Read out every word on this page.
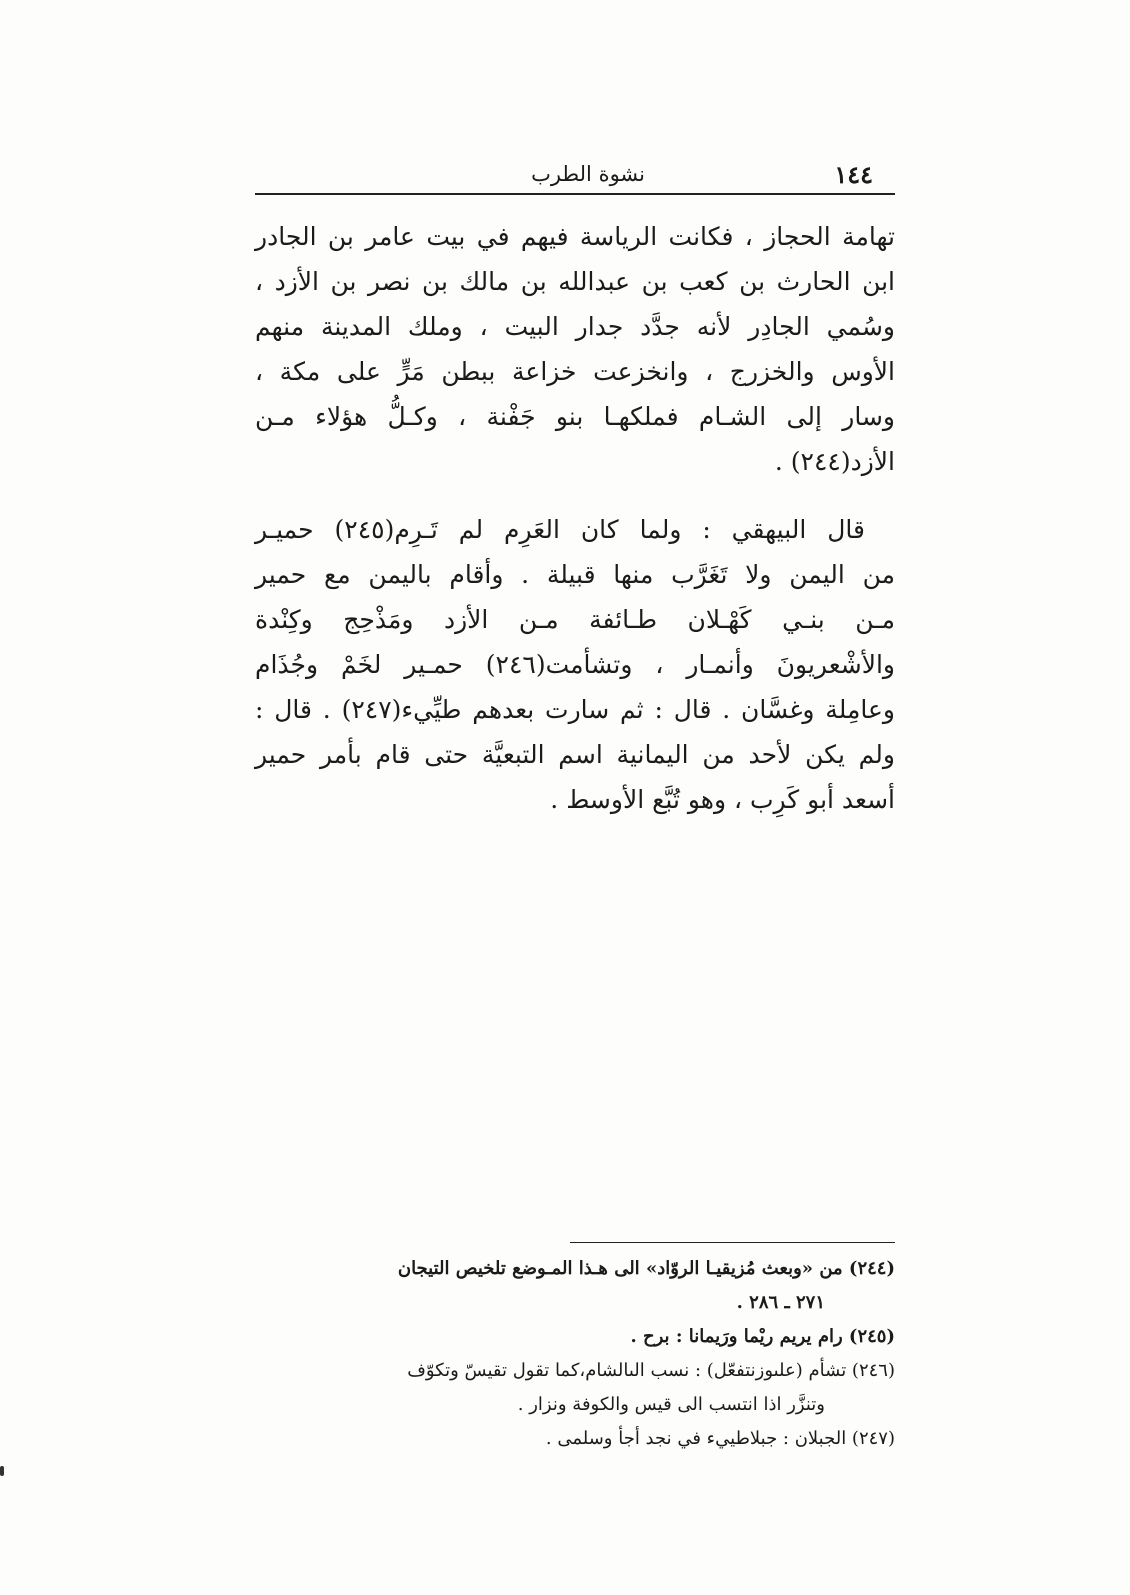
١٤٤
نشوة الطرب
تهامة الحجاز ، فكانت الرياسة فيهم في بيت عامر بن الجادر
ابن الحارث بن كعب بن عبدالله بن مالك بن نصر بن الأزد ،
وسُمي الجادِر لأنه جدَّد جدار البيت ، وملك المدينة منهم
الأوس والخزرج ، وانخزعت خزاعة ببطن مَرٍّ على مكة ،
وسار إلى الشـام فملكهـا بنو جَفْنة ، وكـلُّ هؤلاء مـن
الأزد(٢٤٤) .
قال البيهقي : ولما كان العَرِم لم تَـرِم(٢٤٥) حميـر
من اليمن ولا تَغَرَّب منها قبيلة . وأقام باليمن مع حمير
مـن بنـي كَهْـلان طـائفة مـن الأزد ومَذْحِج وكِنْدة
والأشْعريونَ وأنمـار ، وتشأمت(٢٤٦) حمـير لخَمْ وجُذَام
وعامِلة وغسَّان . قال : ثم سارت بعدهم طيِّيء(٢٤٧) . قال :
ولم يكن لأحد من اليمانية اسم التبعيَّة حتى قام بأمر حمير
أسعد أبو كَرِب ، وهو تُبَّع الأوسط .
(٢٤٤) من «وبعث مُزيقيـا الروّاد» الى هـذا المـوضع تلخيص التيجان
٢٧١ ـ ٢٨٦ .
(٢٤٥) رام يريم ريْما ورَيمانا : برح .
(٢٤٦) تشأم (علىوزنتفعّل) : نسب الىالشام،كما تقول تقيسّ وتكوّف
وتنزَّر اذا انتسب الى قيس والكوفة ونزار .
(٢٤٧) الجبلان : جبلاطييء في نجد أجأ وسلمى .
